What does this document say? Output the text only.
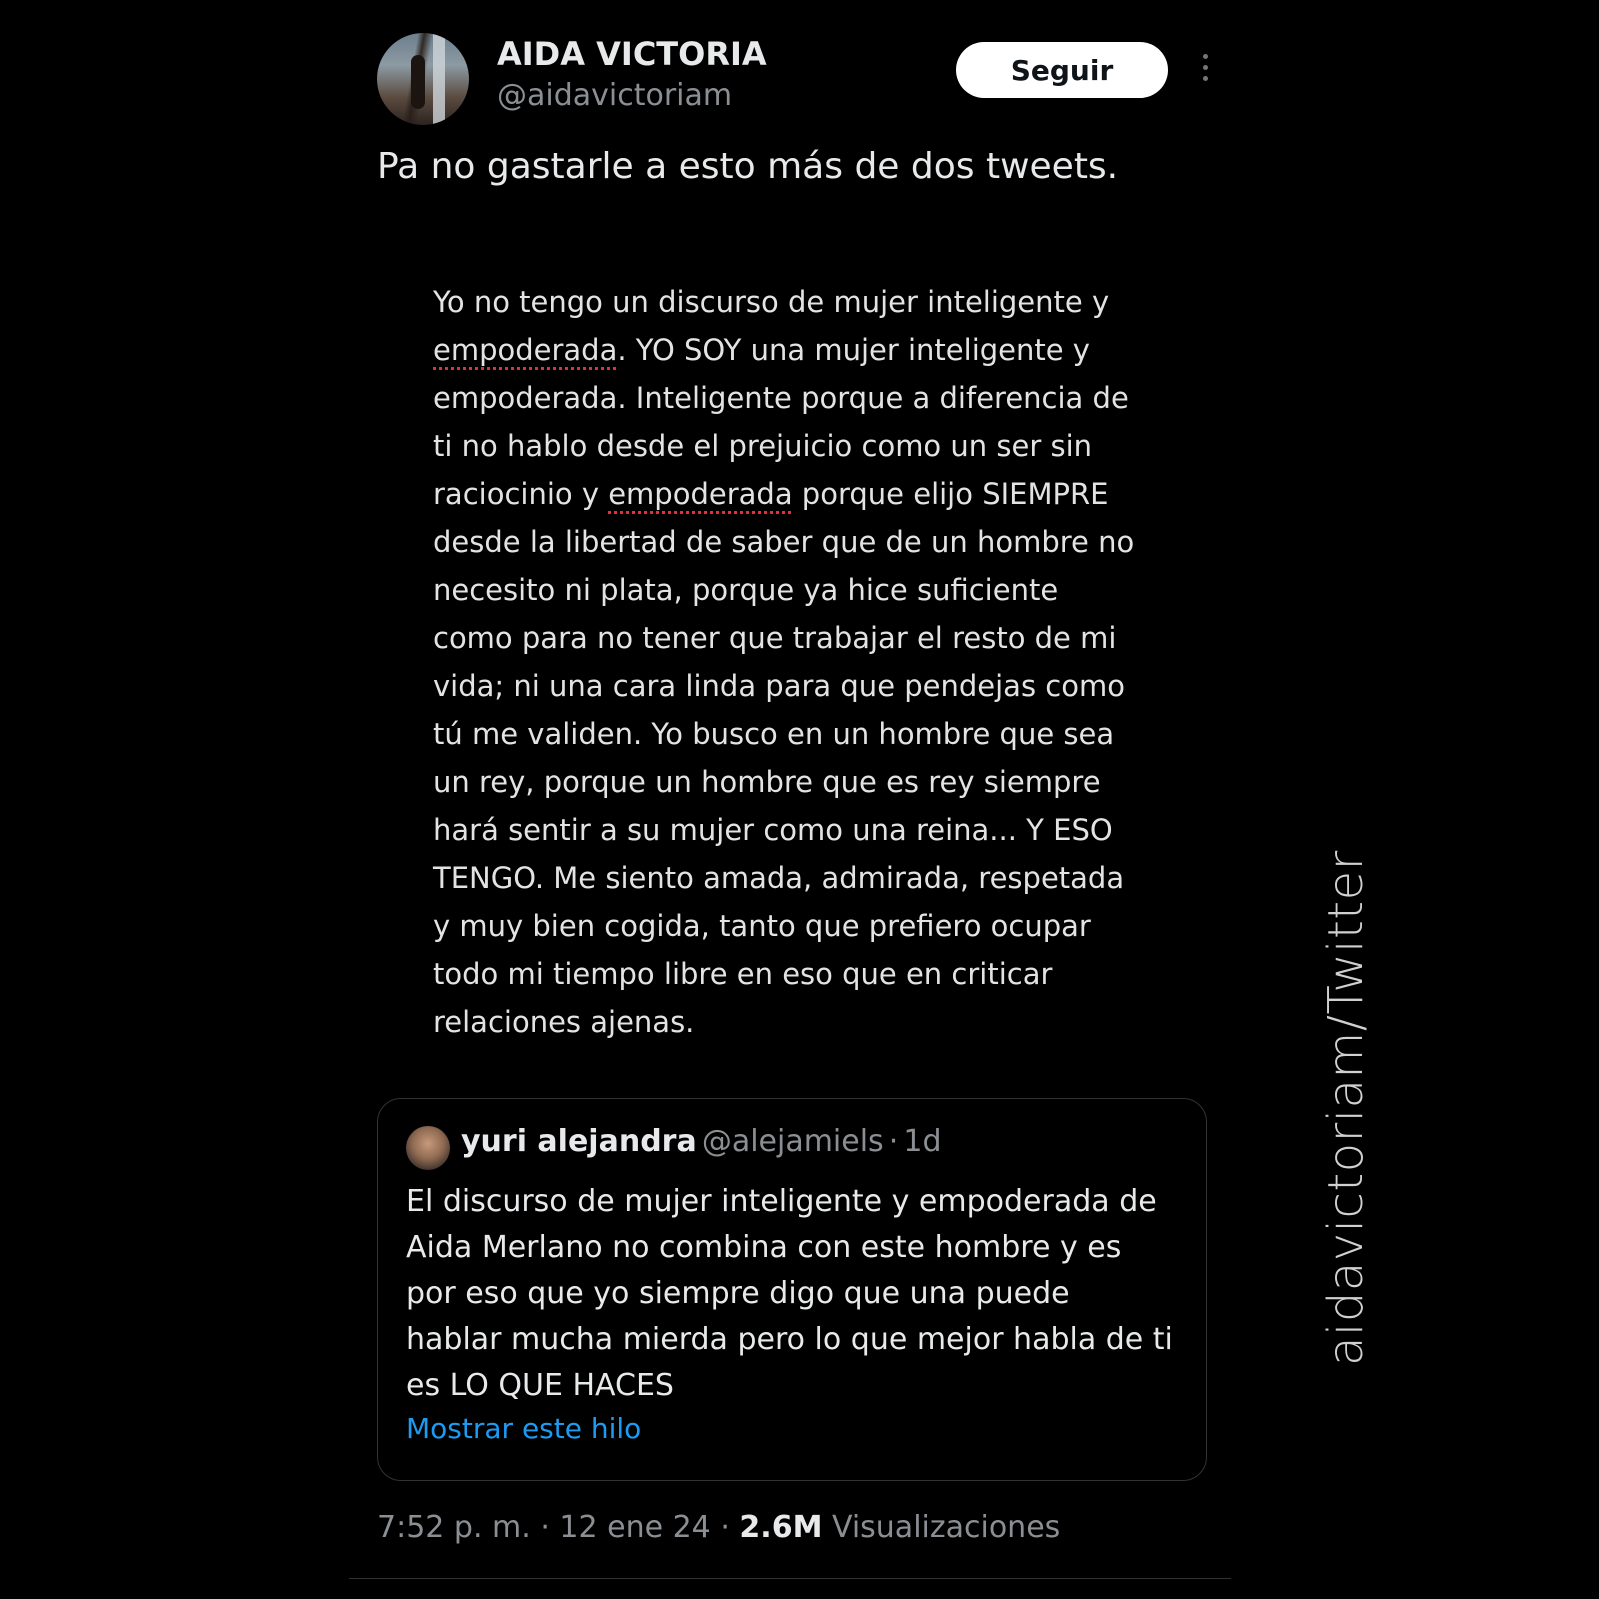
AIDA VICTORIA
@aidavictoriam
Seguir
Pa no gastarle a esto más de dos tweets.
Yo no tengo un discurso de mujer inteligente y
empoderada. YO SOY una mujer inteligente y
empoderada. Inteligente porque a diferencia de
ti no hablo desde el prejuicio como un ser sin
raciocinio y empoderada porque elijo SIEMPRE
desde la libertad de saber que de un hombre no
necesito ni plata, porque ya hice suficiente
como para no tener que trabajar el resto de mi
vida; ni una cara linda para que pendejas como
tú me validen. Yo busco en un hombre que sea
un rey, porque un hombre que es rey siempre
hará sentir a su mujer como una reina... Y ESO
TENGO. Me siento amada, admirada, respetada
y muy bien cogida, tanto que prefiero ocupar
todo mi tiempo libre en eso que en criticar
relaciones ajenas.
yuri alejandra @alejamiels · 1d
El discurso de mujer inteligente y empoderada de
Aida Merlano no combina con este hombre y es
por eso que yo siempre digo que una puede
hablar mucha mierda pero lo que mejor habla de ti
es LO QUE HACES
Mostrar este hilo
7:52 p. m. · 12 ene 24 · 2.6M Visualizaciones
aidavictoriam/Twitter
